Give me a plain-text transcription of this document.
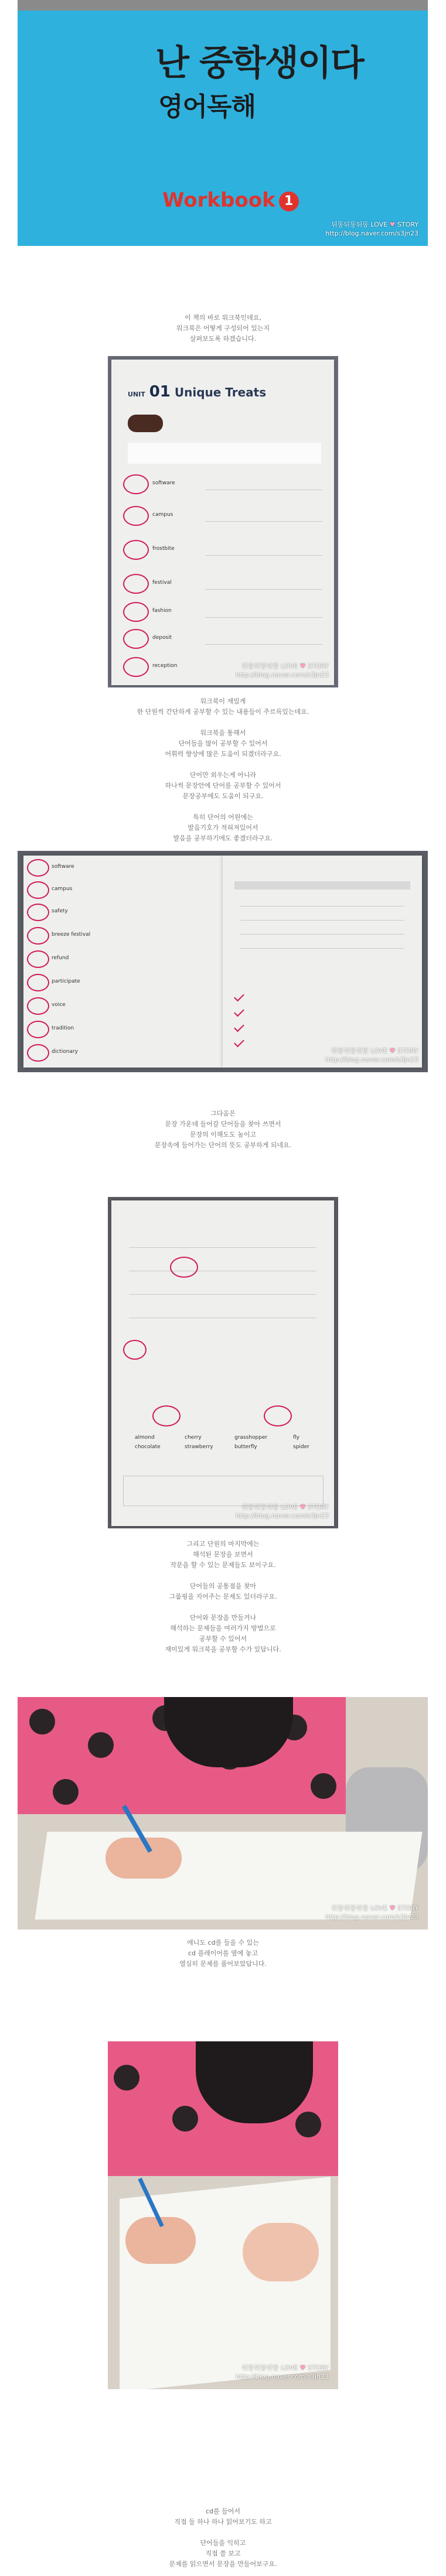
난 중학생이다
영어독해
Workbook 1
뒤뚱뒤뚱뒤뚱 LOVE ♥ STORY
http://blog.naver.com/s3jn23

이 책의 바로 워크북인데요,

워크북은 어떻게 구성되어 있는지

살펴보도록 하겠습니다.

UNIT 01 Unique Treats
software
campus
frostbite
festival
fashion
deposit
reception	뒤뚱뒤뚱뒤뚱 LOVE ♥ STORY
http://blog.naver.com/s3jn23

워크북이 재밌게

한 단원씩 간단하게 공부할 수 있는 내용들이 주르륵있는데요.

워크북을 통해서

단어들을 많이 공부할 수 있어서

어휘력 향상에 많은 도움이 되겠더라구요.

단어만 외우는게 아니라

하나씩 문장안에 단어를 공부할 수 있어서

문장공부에도 도움이 되구요.

특히 단어의 어원에는

발음기호가 적혀져있어서

발음을 공부하기에도 좋겠더라구요.

software
campus
safety
breeze festival
refund
participate
voice
tradition
dictionary	뒤뚱뒤뚱뒤뚱 LOVE ♥ STORY
http://blog.naver.com/s3jn23

그다음은

문장 가운데 들어갈 단어들을 찾아 쓰면서

문장의 이해도도 높이고

문장속에 들어가는 단어의 뜻도 공부하게 되네요.

almond	cherry	grasshopper	fly
chocolate	strawberry	butterfly	spider
뒤뚱뒤뚱뒤뚱 LOVE ♥ STORY
http://blog.naver.com/s3jn23

그리고 단원의 마지막에는

해석된 문장을 보면서

작문을 할 수 있는 문제들도 보이구요.

단어들의 공통점을 찾아

그룹핑을 지어주는 문제도 있더라구요.

단어와 문장을 만들거나

해석하는 문제들을 여러가지 방법으로

공부할 수 있어서

재미있게 워크북을 공부할 수가 있답니다.

뒤뚱뒤뚱뒤뚱 LOVE ♥ STORY
http://blog.naver.com/s3jn23

에니도 cd를 들을 수 있는

cd 플레이어를 옆에 놓고

열심히 문제를 풀어보았답니다.

뒤뚱뒤뚱뒤뚱 LOVE ♥ STORY
http://blog.naver.com/s3jn23

cd를 들어서

직접 들 하나 하나 읽어보기도 하고

단어들을 익히고

직접 쓸 보고

문제를 읽으면서 문장을 만들어보구요.
